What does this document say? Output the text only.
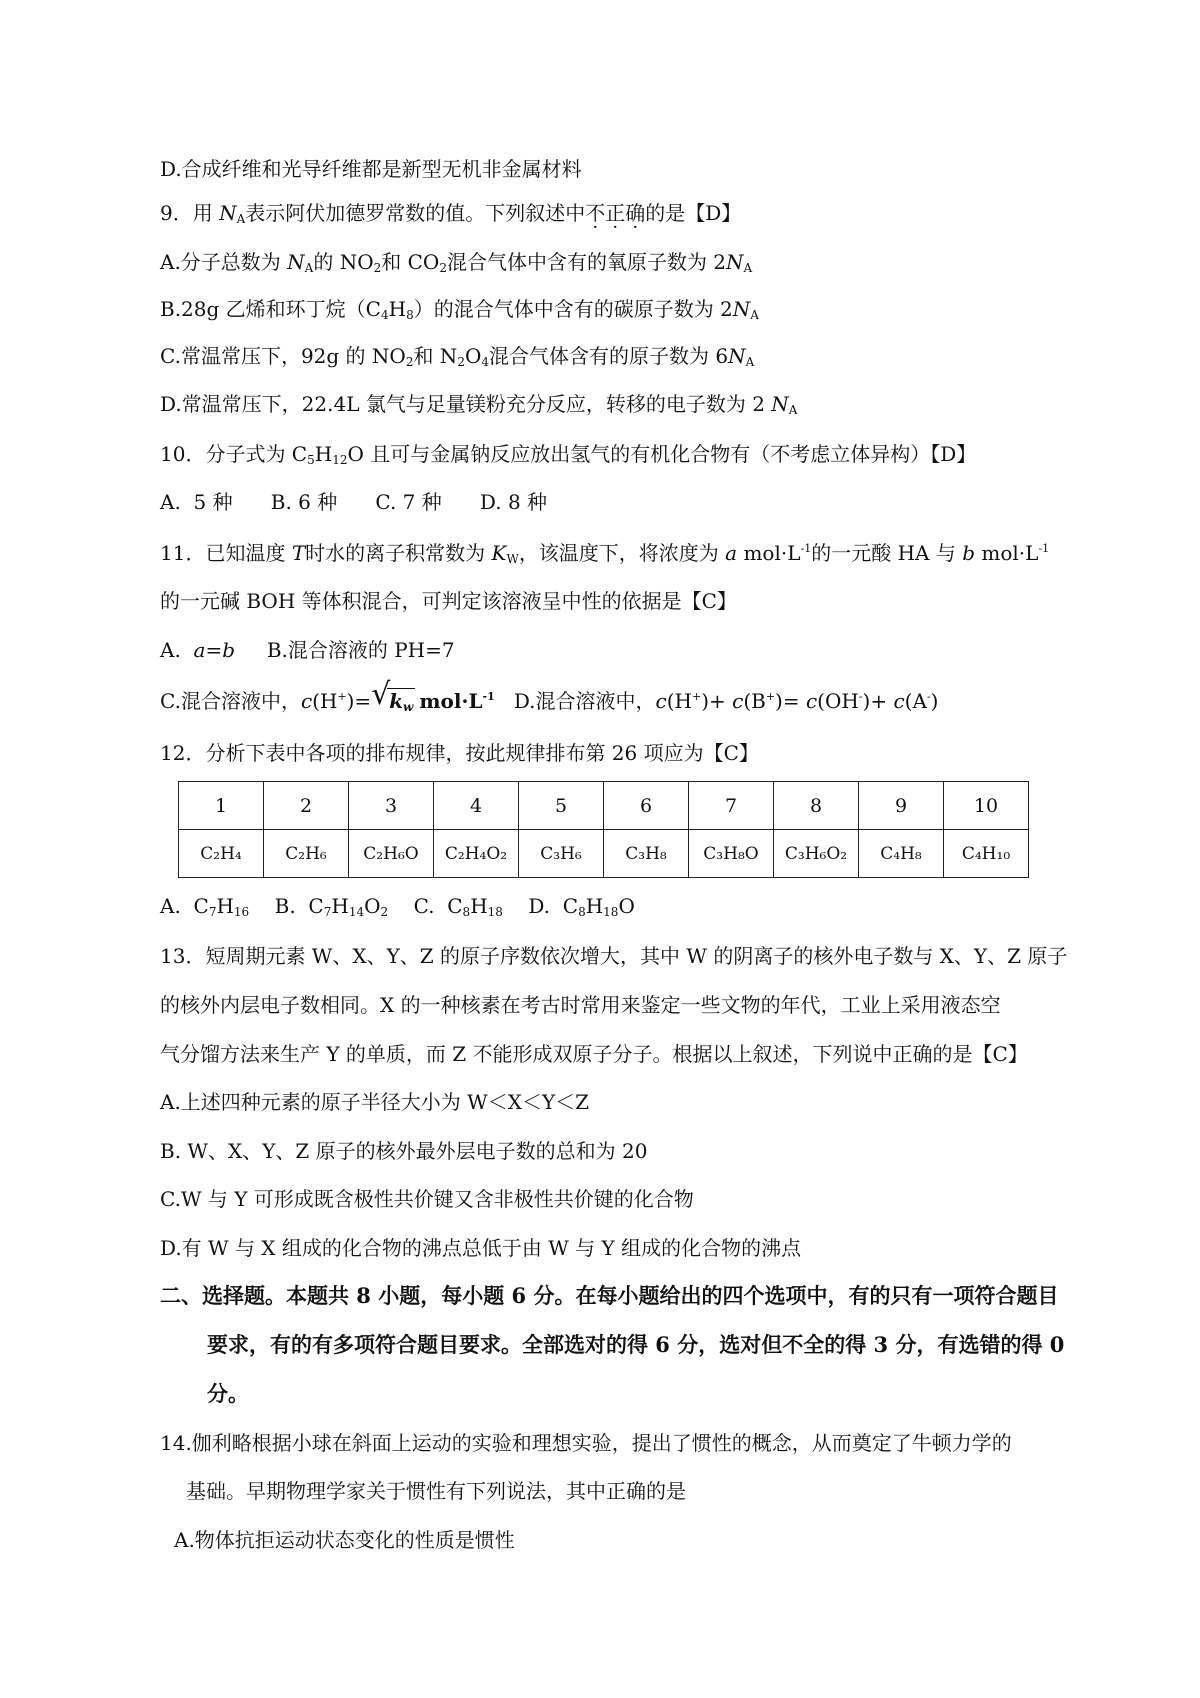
D.合成纤维和光导纤维都是新型无机非金属材料
9．用 $N_A$表示阿伏加德罗常数的值。下列叙述中不正确的是【D】
A.分子总数为 $N_A$的 $NO_2$和 $CO_2$混合气体中含有的氧原子数为 $2N_A$
B.28g 乙烯和环丁烷$(C_4H_8)$的混合气体中含有的碳原子数为 $2N_A$
C.常温常压下，92g 的 $NO_2$和 $N_2O_4$混合气体含有的原子数为 $6N_A$
D.常温常压下，22.4L 氯气与足量镁粉充分反应，转移的电子数为 2 $N_A$
10．分子式为 $C_5H_{12}O$ 且可与金属钠反应放出氢气的有机化合物有（不考虑立体异构）【D】
A.  5 种      B. 6 种      C. 7 种      D. 8 种
11．已知温度 T时水的离子积常数为 $K_W$，该温度下，将浓度为 a $mol\cdot L^{-1}$的一元酸 HA 与 b $mol\cdot L^{-1}$
的一元碱 BOH 等体积混合，可判定该溶液呈中性的依据是【C】
A.  a=b     B.混合溶液的 PH=7
C.混合溶液中，c(H+)= √
$k_w$ $mol\cdot L^{-1}$   D.混合溶液中，c(H+)+ c(B+)= c(OH-)+ c(A-)
12．分析下表中各项的排布规律，按此规律排布第 26 项应为【C】
1	2	3	4	5	6	7	8	9	10
C₂H₄	C₂H₆	C₂H₆O	C₂H₄O₂	C₃H₆	C₃H₈	C₃H₈O	C₃H₆O₂	C₄H₈	C₄H₁₀
A.  $C_7H_{16}$    B.  $C_7H_{14}O_2$    C.  $C_8H_{18}$    D.  $C_8H_{18}O$
13．短周期元素 W、X、Y、Z 的原子序数依次增大，其中 W 的阴离子的核外电子数与 X、Y、Z 原子
的核外内层电子数相同。X 的一种核素在考古时常用来鉴定一些文物的年代，工业上采用液态空
气分馏方法来生产 Y 的单质，而 Z 不能形成双原子分子。根据以上叙述，下列说中正确的是【C】
A.上述四种元素的原子半径大小为 W＜X＜Y＜Z
B. W、X、Y、Z 原子的核外最外层电子数的总和为 20
C.W 与 Y 可形成既含极性共价键又含非极性共价键的化合物
D.有 W 与 X 组成的化合物的沸点总低于由 W 与 Y 组成的化合物的沸点
二、选择题。本题共 8 小题，每小题 6 分。在每小题给出的四个选项中，有的只有一项符合题目
要求，有的有多项符合题目要求。全部选对的得 6 分，选对但不全的得 3 分，有选错的得 0
分。
14.伽利略根据小球在斜面上运动的实验和理想实验，提出了惯性的概念，从而奠定了牛顿力学的
基础。早期物理学家关于惯性有下列说法，其中正确的是
A.物体抗拒运动状态变化的性质是惯性
